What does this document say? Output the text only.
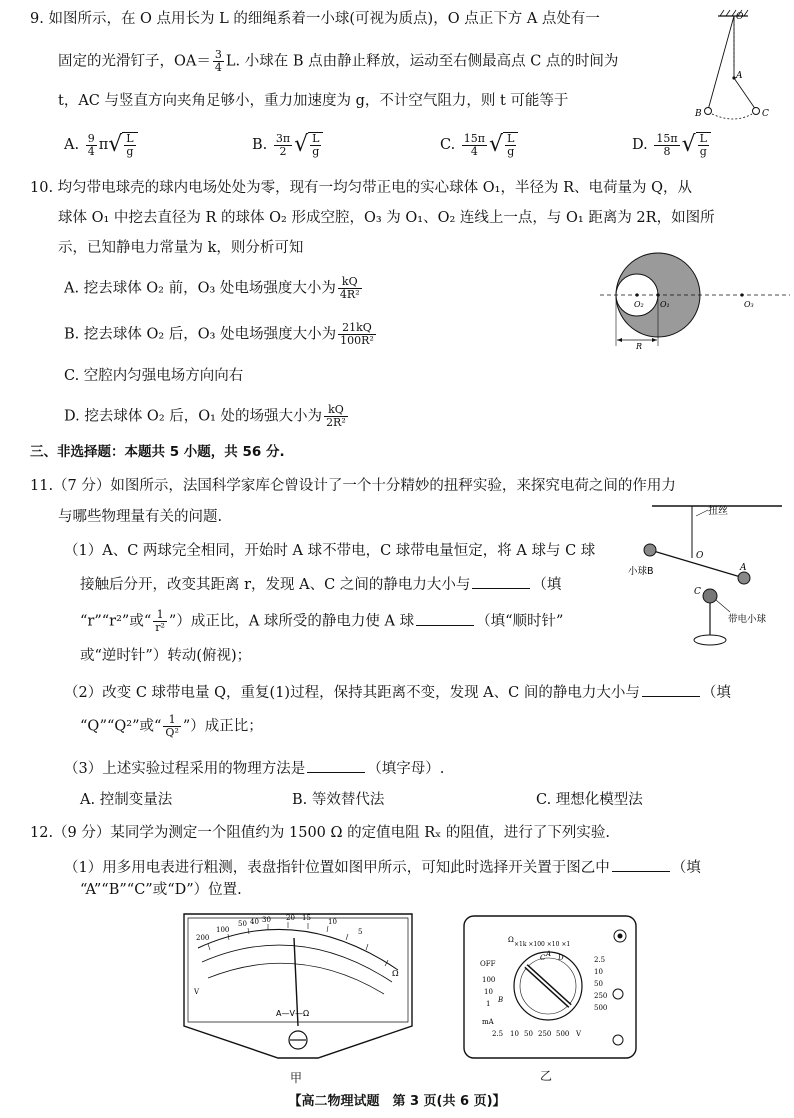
9. 如图所示，在 O 点用长为 L 的细绳系着一小球(可视为质点)，O 点正下方 A 点处有一
固定的光滑钉子，$OA= \frac{3}{4} L$. 小球在 B 点由静止释放，运动至右侧最高点 C 点的时间为
t，AC 与竖直方向夹角足够小，重力加速度为 g，不计空气阻力，则 t 可能等于
A. $\frac{9}{4} \pi√ \frac{L}{g}$	B. $\frac{3\pi}{2}$ √ $\frac{L}{g}$	C. $\frac{15\pi}{4}$ √ $\frac{L}{g}$	D. $\frac{15\pi}{8}$ √ $\frac{L}{g}$
O
A
B	C
10. 均匀带电球壳的球内电场处处为零，现有一均匀带正电的实心球体 O₁，半径为 R、电荷量为 Q，从
球体 O₁ 中挖去直径为 R 的球体 O₂ 形成空腔，O₃ 为 O₁、O₂ 连线上一点，与 O₁ 距离为 2R，如图所
示，已知静电力常量为 k，则分析可知
A. 挖去球体 O₂ 前，O₃ 处电场强度大小为 $\frac{kQ}{\text{4R²}}$
B. 挖去球体 O₂ 后，O₃ 处电场强度大小为 $\frac{21kQ}{\text{100R²}}$
C. 空腔内匀强电场方向向右
D. 挖去球体 O₂ 后，O₁ 处的场强大小为 $\frac{kQ}{\text{2R²}}$
O₂ O₁	O₃
R
三、非选择题：本题共 5 小题，共 56 分.
11.（7 分）如图所示，法国科学家库仑曾设计了一个十分精妙的扭秤实验，来探究电荷之间的作用力
与哪些物理量有关的问题.
（1）A、C 两球完全相同，开始时 A 球不带电，C 球带电量恒定，将 A 球与 C 球
接触后分开，改变其距离 r，发现 A、C 之间的静电力大小与	（填
“r”“r²”或“ $\frac{1}{\text{r²}}$ ”）成正比，A 球所受的静电力使 A 球	（填“顺时针”
或“逆时针”）转动(俯视)；
（2）改变 C 球带电量 Q，重复(1)过程，保持其距离不变，发现 A、C 间的静电力大小与	（填
“Q”“Q²”或“ $\frac{1}{\text{Q²}}$ ”）成正比；
（3）上述实验过程采用的物理方法是	（填字母）.
A. 控制变量法	B. 等效替代法	C. 理想化模型法
扭丝
O
小球B	A
C
带电小球
12.（9 分）某同学为测定一个阻值约为 1500 Ω 的定值电阻 Rₓ 的阻值，进行了下列实验.
（1）用多用电表进行粗测，表盘指针位置如图甲所示，可知此时选择开关置于图乙中	（填
“A”“B”“C”或“D”）位置.
200
100
50 40 30 20 15 10
5
Ω
V
A—V—Ω
甲
Ω
×1k ×100 ×10 ×1
OFF
100
10
1
mA
2.5
10
50
250
500
2.5 10 50 250 500 V
A
B
C D
乙
【高二物理试题　第 3 页(共 6 页)】
